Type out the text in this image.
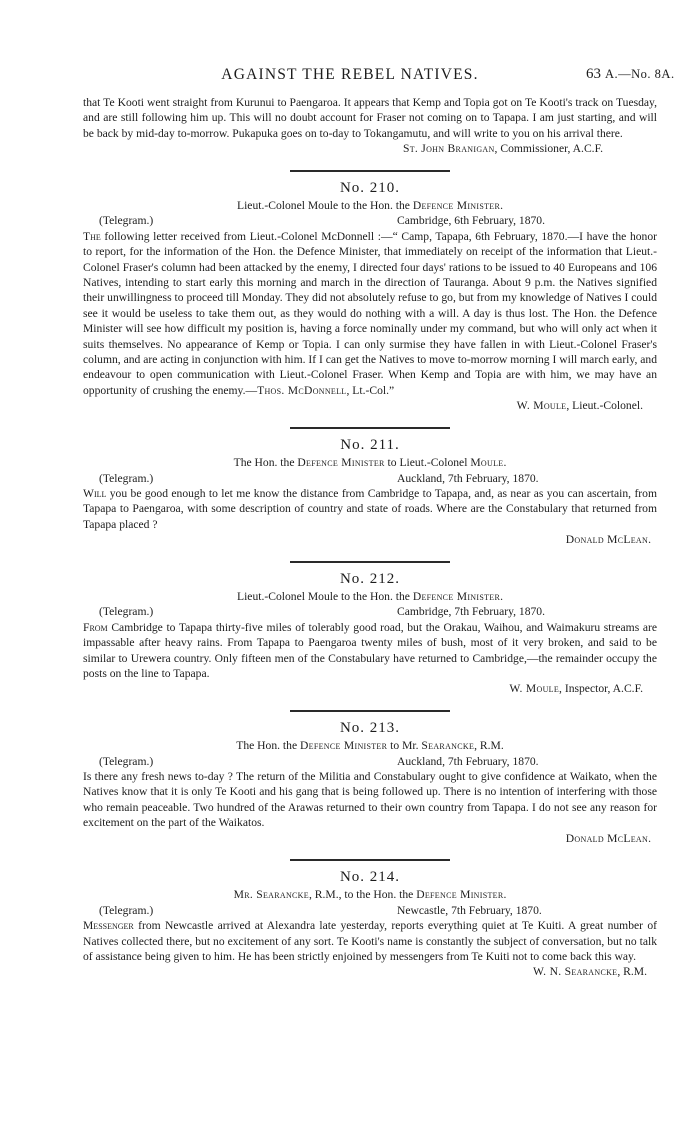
AGAINST THE REBEL NATIVES.	63 A.—No. 8A.

that Te Kooti went straight from Kurunui to Paengaroa. It appears that Kemp and Topia got on Te Kooti's track on Tuesday, and are still following him up. This will no doubt account for Fraser not coming on to Tapapa. I am just starting, and will be back by mid-day to-morrow. Pukapuka goes on to-day to Tokangamutu, and will write to you on his arrival there.

St. John Branigan, Commissioner, A.C.F.

No. 210.

Lieut.-Colonel Moule to the Hon. the Defence Minister.

(Telegram.)	Cambridge, 6th February, 1870.

The following letter received from Lieut.-Colonel McDonnell :—“ Camp, Tapapa, 6th February, 1870.—I have the honor to report, for the information of the Hon. the Defence Minister, that immediately on receipt of the information that Lieut.-Colonel Fraser's column had been attacked by the enemy, I directed four days' rations to be issued to 40 Europeans and 106 Natives, intending to start early this morning and march in the direction of Tauranga. About 9 p.m. the Natives signified their unwillingness to proceed till Monday. They did not absolutely refuse to go, but from my knowledge of Natives I could see it would be useless to take them out, as they would do nothing with a will. A day is thus lost. The Hon. the Defence Minister will see how difficult my position is, having a force nominally under my command, but who will only act when it suits themselves. No appearance of Kemp or Topia. I can only surmise they have fallen in with Lieut.-Colonel Fraser's column, and are acting in conjunction with him. If I can get the Natives to move to-morrow morning I will march early, and endeavour to open communication with Lieut.-Colonel Fraser. When Kemp and Topia are with him, we may have an opportunity of crushing the enemy.—Thos. McDonnell, Lt.-Col.”

W. Moule, Lieut.-Colonel.

No. 211.

The Hon. the Defence Minister to Lieut.-Colonel Moule.

(Telegram.)	Auckland, 7th February, 1870.

Will you be good enough to let me know the distance from Cambridge to Tapapa, and, as near as you can ascertain, from Tapapa to Paengaroa, with some description of country and state of roads. Where are the Constabulary that returned from Tapapa placed ?

Donald McLean.

No. 212.

Lieut.-Colonel Moule to the Hon. the Defence Minister.

(Telegram.)	Cambridge, 7th February, 1870.

From Cambridge to Tapapa thirty-five miles of tolerably good road, but the Orakau, Waihou, and Waimakuru streams are impassable after heavy rains. From Tapapa to Paengaroa twenty miles of bush, most of it very broken, and said to be similar to Urewera country. Only fifteen men of the Constabulary have returned to Cambridge,—the remainder occupy the posts on the line to Tapapa.

W. Moule, Inspector, A.C.F.

No. 213.

The Hon. the Defence Minister to Mr. Searancke, R.M.

(Telegram.)	Auckland, 7th February, 1870.

Is there any fresh news to-day ? The return of the Militia and Constabulary ought to give confidence at Waikato, when the Natives know that it is only Te Kooti and his gang that is being followed up. There is no intention of interfering with those who remain peaceable. Two hundred of the Arawas returned to their own country from Tapapa. I do not see any reason for excitement on the part of the Waikatos.

Donald McLean.

No. 214.

Mr. Searancke, R.M., to the Hon. the Defence Minister.

(Telegram.)	Newcastle, 7th February, 1870.

Messenger from Newcastle arrived at Alexandra late yesterday, reports everything quiet at Te Kuiti. A great number of Natives collected there, but no excitement of any sort. Te Kooti's name is constantly the subject of conversation, but no talk of assistance being given to him. He has been strictly enjoined by messengers from Te Kuiti not to come back this way.

W. N. Searancke, R.M.
